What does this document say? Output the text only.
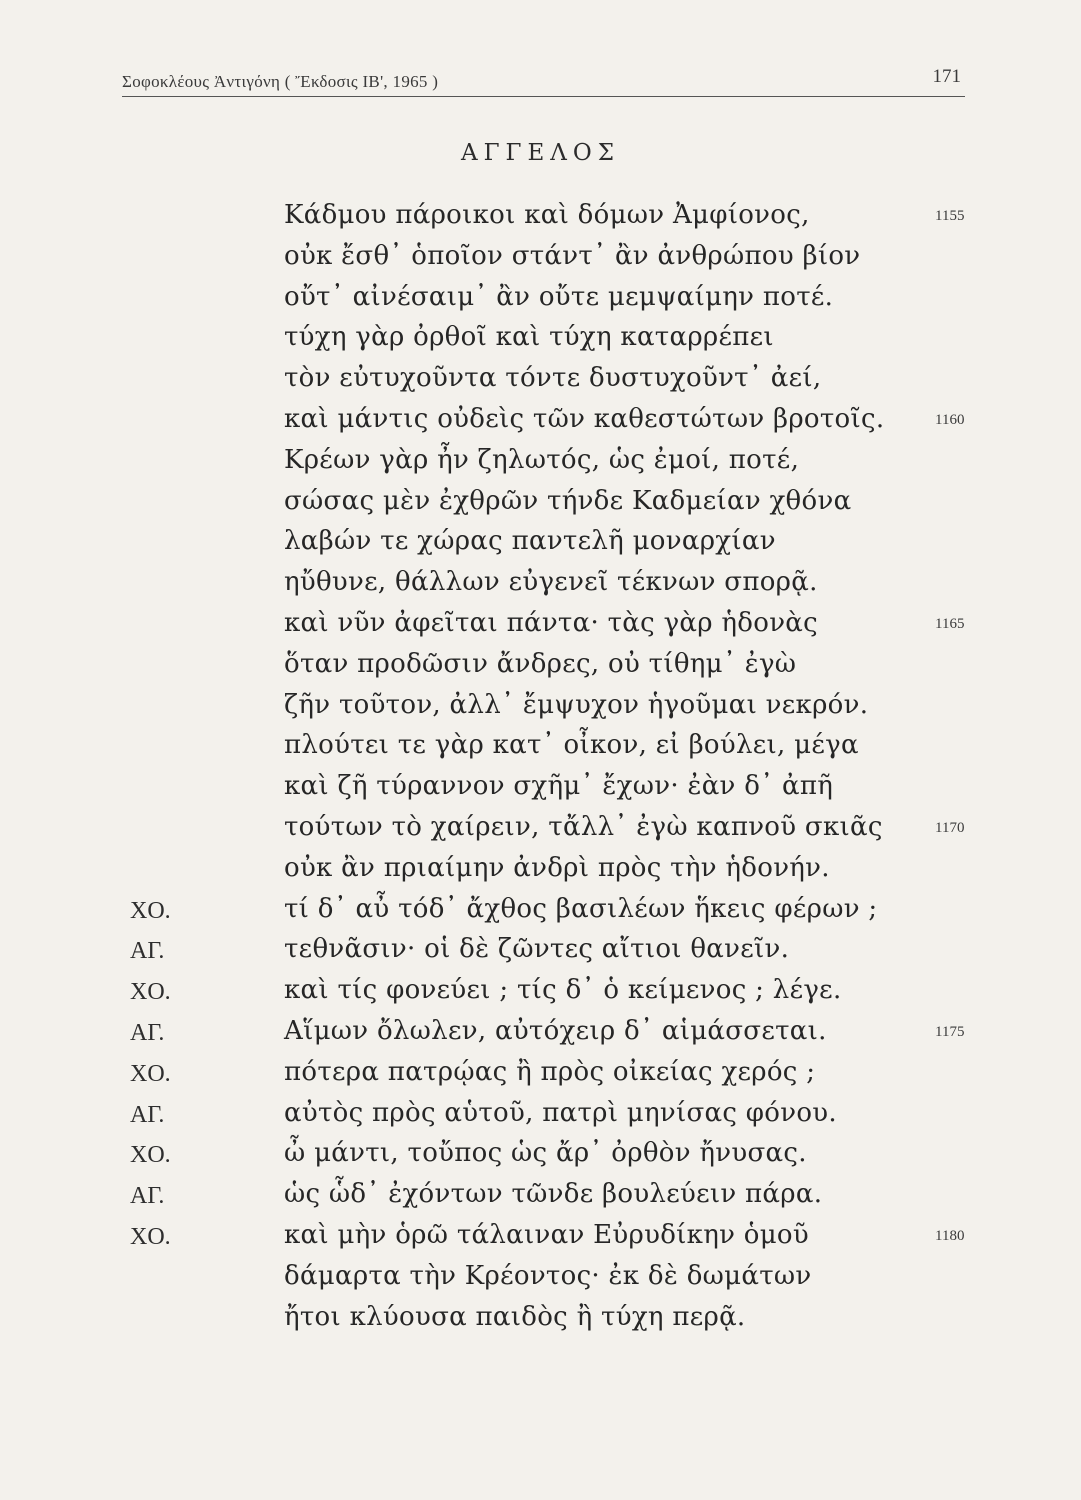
Σοφοκλέους Ἀντιγόνη ( Ἔκδοσις ΙΒ', 1965 )	171
ΑΓΓΕΛΟΣ
Κάδμου πάροικοι καὶ δόμων Ἀμφίονος,	1155
οὐκ ἔσθ᾽ ὁποῖον στάντ᾽ ἂν ἀνθρώπου βίον
οὔτ᾽ αἰνέσαιμ᾽ ἂν οὔτε μεμψαίμην ποτέ.
τύχη γὰρ ὀρθοῖ καὶ τύχη καταρρέπει
τὸν εὐτυχοῦντα τόντε δυστυχοῦντ᾽ ἀεί,
καὶ μάντις οὐδεὶς τῶν καθεστώτων βροτοῖς.	1160
Κρέων γὰρ ἦν ζηλωτός, ὡς ἐμοί, ποτέ,
σώσας μὲν ἐχθρῶν τήνδε Καδμείαν χθόνα
λαβών τε χώρας παντελῆ μοναρχίαν
ηὔθυνε, θάλλων εὐγενεῖ τέκνων σπορᾷ.
καὶ νῦν ἀφεῖται πάντα· τὰς γὰρ ἡδονὰς	1165
ὅταν προδῶσιν ἄνδρες, οὐ τίθημ᾽ ἐγὼ
ζῆν τοῦτον, ἀλλ᾽ ἔμψυχον ἡγοῦμαι νεκρόν.
πλούτει τε γὰρ κατ᾽ οἶκον, εἰ βούλει, μέγα
καὶ ζῆ τύραννον σχῆμ᾽ ἔχων· ἐὰν δ᾽ ἀπῆ
τούτων τὸ χαίρειν, τἄλλ᾽ ἐγὼ καπνοῦ σκιᾶς	1170
οὐκ ἂν πριαίμην ἀνδρὶ πρὸς τὴν ἡδονήν.
ΧΟ.	τί δ᾽ αὖ τόδ᾽ ἄχθος βασιλέων ἥκεις φέρων ;
ΑΓ.	τεθνᾶσιν· οἱ δὲ ζῶντες αἴτιοι θανεῖν.
ΧΟ.	καὶ τίς φονεύει ; τίς δ᾽ ὁ κείμενος ; λέγε.
ΑΓ.	Αἵμων ὄλωλεν, αὐτόχειρ δ᾽ αἱμάσσεται.	1175
ΧΟ.	πότερα πατρῴας ἢ πρὸς οἰκείας χερός ;
ΑΓ.	αὐτὸς πρὸς αὑτοῦ, πατρὶ μηνίσας φόνου.
ΧΟ.	ὦ μάντι, τοὔπος ὡς ἄρ᾽ ὀρθὸν ἤνυσας.
ΑΓ.	ὡς ὧδ᾽ ἐχόντων τῶνδε βουλεύειν πάρα.
ΧΟ.	καὶ μὴν ὁρῶ τάλαιναν Εὐρυδίκην ὁμοῦ	1180
δάμαρτα τὴν Κρέοντος· ἐκ δὲ δωμάτων
ἤτοι κλύουσα παιδὸς ἢ τύχη περᾷ.
